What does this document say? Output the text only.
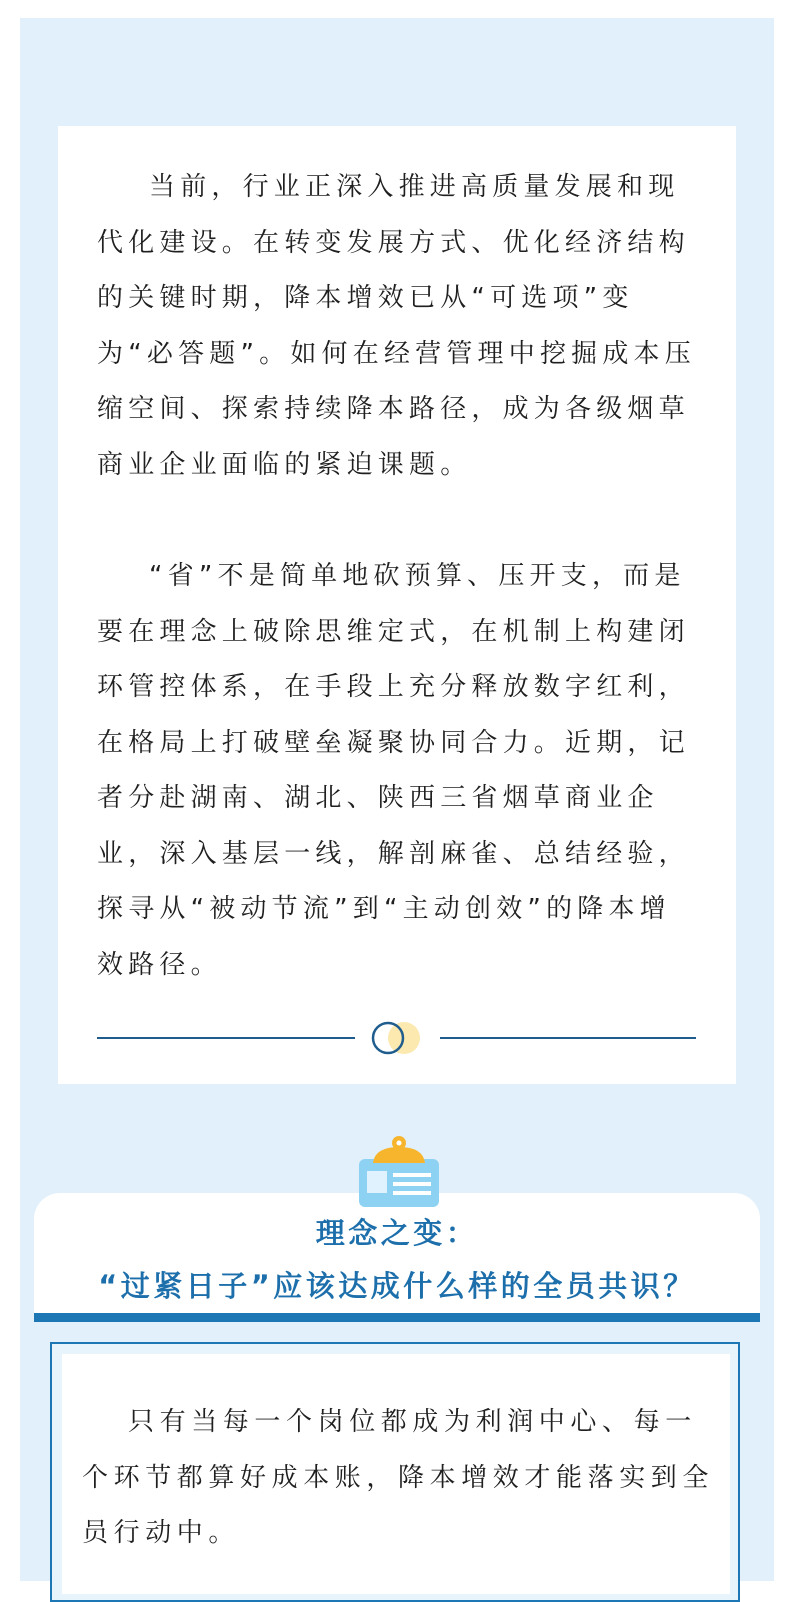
当前，行业正深入推进高质量发展和现代化建设。在转变发展方式、优化经济结构的关键时期，降本增效已从“可选项”变为“必答题”。如何在经营管理中挖掘成本压缩空间、探索持续降本路径，成为各级烟草商业企业面临的紧迫课题。

“省”不是简单地砍预算、压开支，而是要在理念上破除思维定式，在机制上构建闭环管控体系，在手段上充分释放数字红利，在格局上打破壁垒凝聚协同合力。近期，记者分赴湖南、湖北、陕西三省烟草商业企业，深入基层一线，解剖麻雀、总结经验，探寻从“被动节流”到“主动创效”的降本增效路径。

理念之变：
“过紧日子”应该达成什么样的全员共识？

只有当每一个岗位都成为利润中心、每一个环节都算好成本账，降本增效才能落实到全员行动中。
